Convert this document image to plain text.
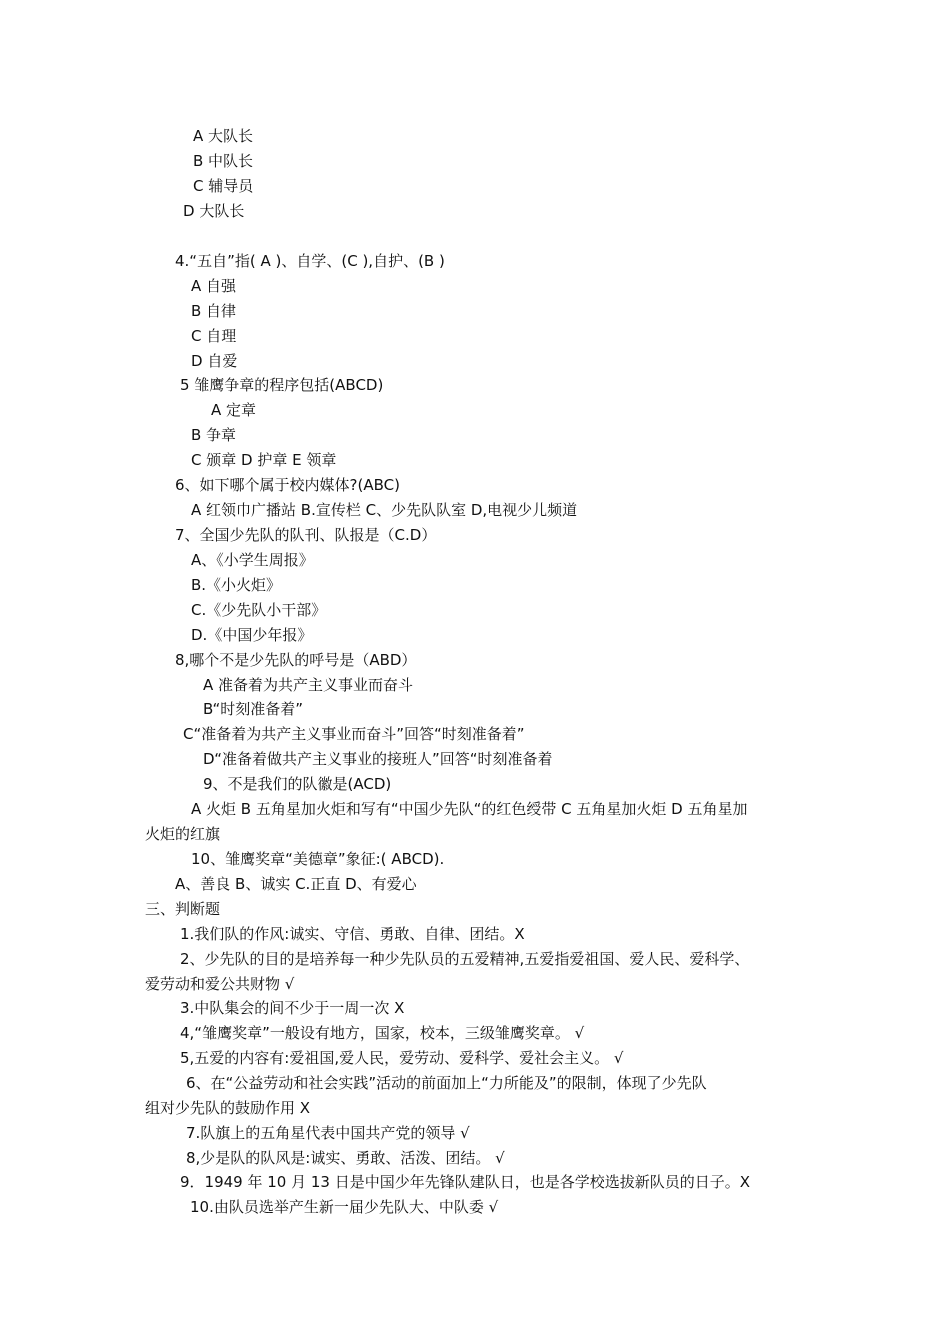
A 大队长
B 中队长
C 辅导员
D 大队长
4.“五自”指( A )、自学、(C ),自护、(B )
A 自强
B 自律
C 自理
D 自爱
5 雏鹰争章的程序包括(ABCD)
A 定章
B 争章
C 颁章 D 护章 E 领章
6、如下哪个属于校内媒体?(ABC)
A 红领巾广播站 B.宣传栏 C、少先队队室 D,电视少儿频道
7、全国少先队的队刊、队报是（C.D）
A、《小学生周报》
B.《小火炬》
C.《少先队小干部》
D.《中国少年报》
8,哪个不是少先队的呼号是（ABD）
A 准备着为共产主义事业而奋斗
B“时刻准备着”
C“准备着为共产主义事业而奋斗”回答“时刻准备着”
D“准备着做共产主义事业的接班人”回答“时刻准备着
9、不是我们的队徽是(ACD)
A 火炬 B 五角星加火炬和写有“中国少先队“的红色绶带 C 五角星加火炬 D 五角星加
火炬的红旗
10、雏鹰奖章“美德章”象征:( ABCD).
A、善良 B、诚实 C.正直 D、有爱心
三、判断题
1.我们队的作风:诚实、守信、勇敢、自律、团结。X
2、少先队的目的是培养每一种少先队员的五爱精神,五爱指爱祖国、爱人民、爱科学、
爱劳动和爱公共财物 √
3.中队集会的间不少于一周一次 X
4,“雏鹰奖章”一般设有地方，国家，校本，三级雏鹰奖章。 √
5,五爱的内容有:爱祖国,爱人民，爱劳动、爱科学、爱社会主义。 √
6、在“公益劳动和社会实践”活动的前面加上“力所能及”的限制，体现了少先队
组对少先队的鼓励作用 X
7.队旗上的五角星代表中国共产党的领导 √
8,少是队的队风是:诚实、勇敢、活泼、团结。 √
9．1949 年 10 月 13 日是中国少年先锋队建队日，也是各学校选拔新队员的日子。X
10.由队员选举产生新一届少先队大、中队委 √
